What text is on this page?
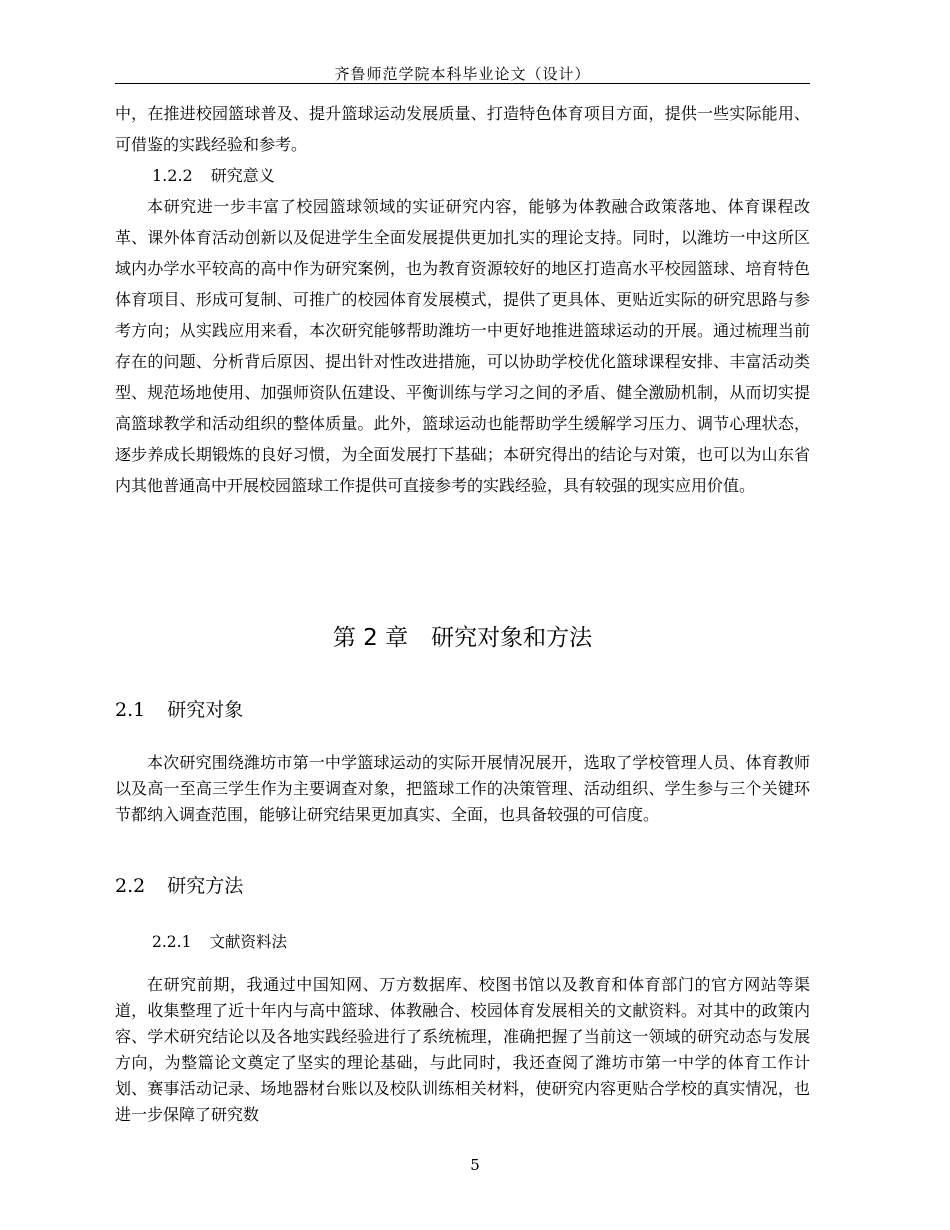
齐鲁师范学院本科毕业论文（设计）

中，在推进校园篮球普及、提升篮球运动发展质量、打造特色体育项目方面，提供一些实际能用、可借鉴的实践经验和参考。

1.2.2 研究意义

本研究进一步丰富了校园篮球领域的实证研究内容，能够为体教融合政策落地、体育课程改革、课外体育活动创新以及促进学生全面发展提供更加扎实的理论支持。同时，以潍坊一中这所区域内办学水平较高的高中作为研究案例，也为教育资源较好的地区打造高水平校园篮球、培育特色体育项目、形成可复制、可推广的校园体育发展模式，提供了更具体、更贴近实际的研究思路与参考方向；从实践应用来看，本次研究能够帮助潍坊一中更好地推进篮球运动的开展。通过梳理当前存在的问题、分析背后原因、提出针对性改进措施，可以协助学校优化篮球课程安排、丰富活动类型、规范场地使用、加强师资队伍建设、平衡训练与学习之间的矛盾、健全激励机制，从而切实提高篮球教学和活动组织的整体质量。此外，篮球运动也能帮助学生缓解学习压力、调节心理状态，逐步养成长期锻炼的良好习惯，为全面发展打下基础；本研究得出的结论与对策，也可以为山东省内其他普通高中开展校园篮球工作提供可直接参考的实践经验，具有较强的现实应用价值。

第 2 章　研究对象和方法
2.1 研究对象

本次研究围绕潍坊市第一中学篮球运动的实际开展情况展开，选取了学校管理人员、体育教师以及高一至高三学生作为主要调查对象，把篮球工作的决策管理、活动组织、学生参与三个关键环节都纳入调查范围，能够让研究结果更加真实、全面，也具备较强的可信度。

2.2 研究方法
2.2.1 文献资料法

在研究前期，我通过中国知网、万方数据库、校图书馆以及教育和体育部门的官方网站等渠道，收集整理了近十年内与高中篮球、体教融合、校园体育发展相关的文献资料。对其中的政策内容、学术研究结论以及各地实践经验进行了系统梳理，准确把握了当前这一领域的研究动态与发展方向，为整篇论文奠定了坚实的理论基础，与此同时，我还查阅了潍坊市第一中学的体育工作计划、赛事活动记录、场地器材台账以及校队训练相关材料，使研究内容更贴合学校的真实情况，也进一步保障了研究数

5
